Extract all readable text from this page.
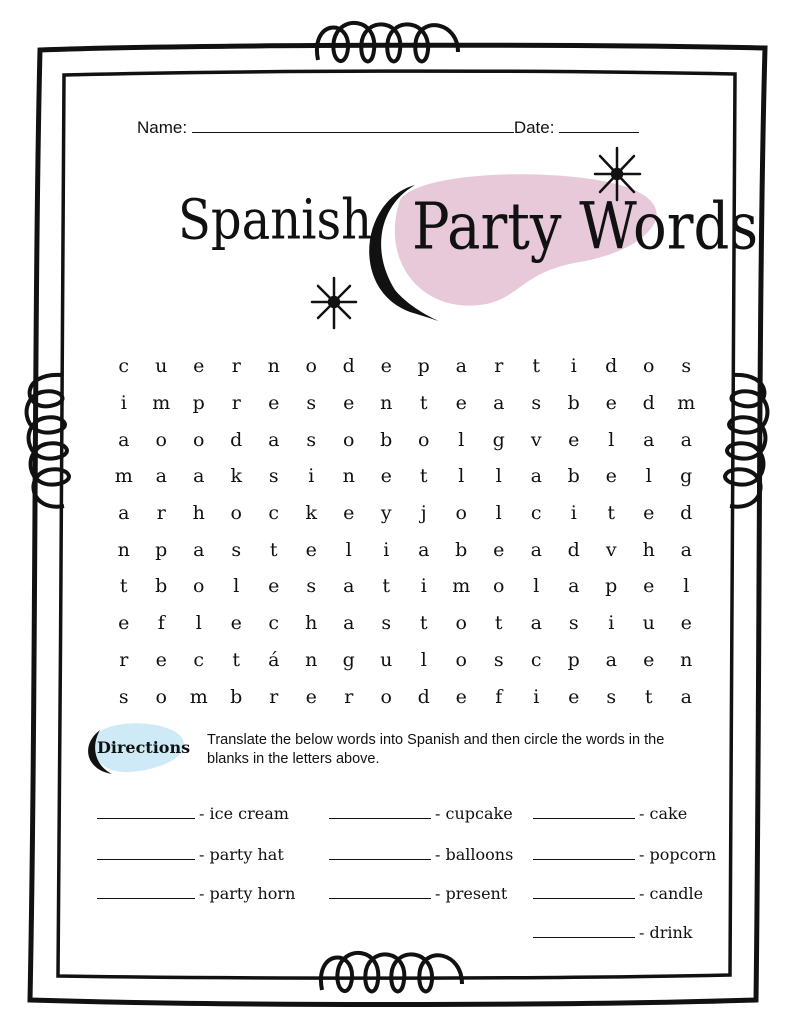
Name:	Date:
Spanish Party Words
c	u	e	r	n	o	d	e	p	a	r	t	i	d	o	s
i	m	p	r	e	s	e	n	t	e	a	s	b	e	d	m
a	o	o	d	a	s	o	b	o	l	g	v	e	l	a	a
m	a	a	k	s	i	n	e	t	l	l	a	b	e	l	g
a	r	h	o	c	k	e	y	j	o	l	c	i	t	e	d
n	p	a	s	t	e	l	i	a	b	e	a	d	v	h	a
t	b	o	l	e	s	a	t	i	m	o	l	a	p	e	l
e	f	l	e	c	h	a	s	t	o	t	a	s	i	u	e
r	e	c	t	á	n	g	u	l	o	s	c	p	a	e	n
s	o	m	b	r	e	r	o	d	e	f	i	e	s	t	a
Directions Translate the below words into Spanish and then circle the words in the blanks in the letters above.
- ice cream
- party hat
- party horn
- cupcake
- balloons
- present
- cake
- popcorn
- candle
- drink
